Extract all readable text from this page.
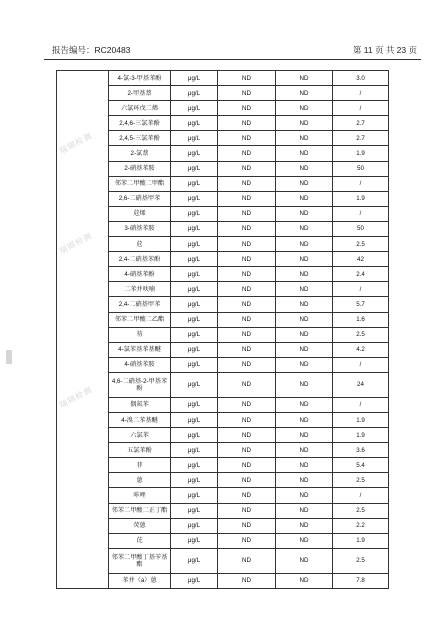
报告编号：RC20483	第 11 页 共 23 页
瑞锦检测
瑞锦检测
瑞锦检测
	4-氯-3-甲基苯酚	μg/L	ND	ND	3.0
	2-甲基萘	μg/L	ND	ND	/
	六氯环戊二烯	μg/L	ND	ND	/
	2,4,6-三氯苯酚	μg/L	ND	ND	2.7
	2,4,5-三氯苯酚	μg/L	ND	ND	2.7
	2-氯萘	μg/L	ND	ND	1.9
	2-硝基苯胺	μg/L	ND	ND	50
	邻苯二甲酸二甲酯	μg/L	ND	ND	/
	2,6-二硝基甲苯	μg/L	ND	ND	1.9
	苊烯	μg/L	ND	ND	/
	3-硝基苯胺	μg/L	ND	ND	50
	苊	μg/L	ND	ND	2.5
	2,4-二硝基苯酚	μg/L	ND	ND	42
	4-硝基苯酚	μg/L	ND	ND	2.4
	二苯并呋喃	μg/L	ND	ND	/
	2,4-二硝基甲苯	μg/L	ND	ND	5.7
	邻苯二甲酸二乙酯	μg/L	ND	ND	1.6
	芴	μg/L	ND	ND	2.5
	4-氯苯基苯基醚	μg/L	ND	ND	4.2
	4-硝基苯胺	μg/L	ND	ND	/
	4,6-二硝基-2-甲基苯酚	μg/L	ND	ND	24
	偶氮苯	μg/L	ND	ND	/
	4-溴二苯基醚	μg/L	ND	ND	1.9
	六氯苯	μg/L	ND	ND	1.9
	五氯苯酚	μg/L	ND	ND	3.6
	菲	μg/L	ND	ND	5.4
	蒽	μg/L	ND	ND	2.5
	咔唑	μg/L	ND	ND	/
	邻苯二甲酸二正丁酯	μg/L	ND	ND	2.5
	荧蒽	μg/L	ND	ND	2.2
	芘	μg/L	ND	ND	1.9
	邻苯二甲酸丁基苄基酯	μg/L	ND	ND	2.5
	苯并（a）蒽	μg/L	ND	ND	7.8
